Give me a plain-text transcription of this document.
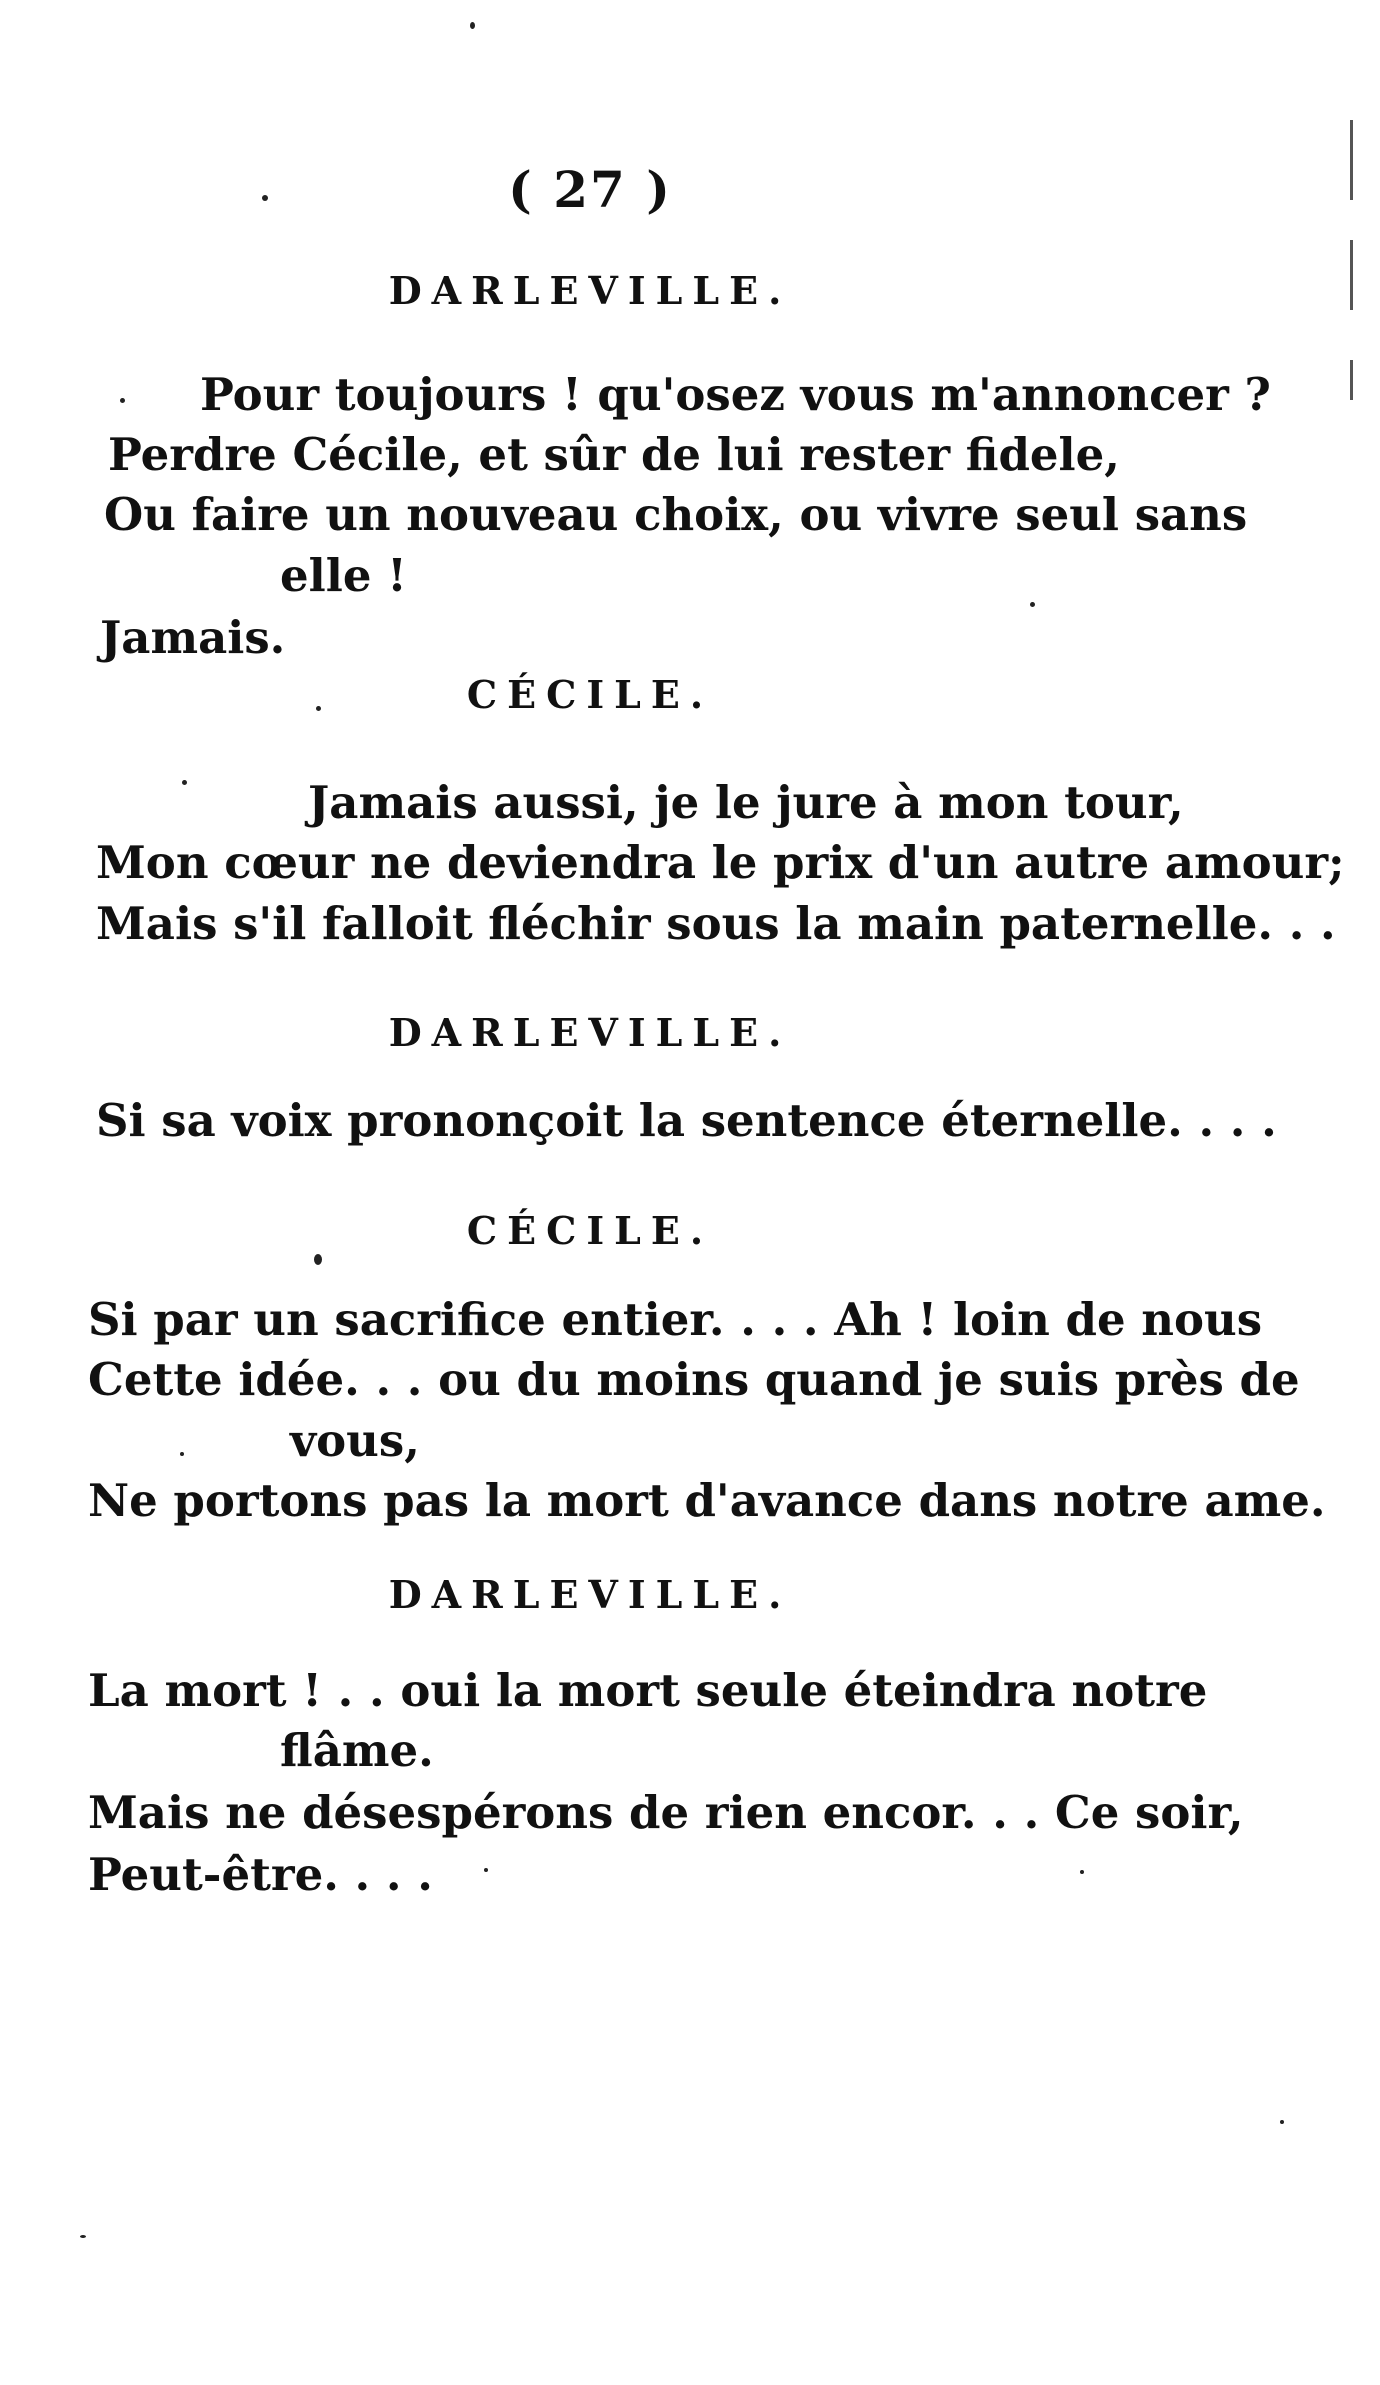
( 27 )
DARLEVILLE.
Pour toujours ! qu'osez vous m'annoncer ?
Perdre Cécile, et sûr de lui rester fidele,
Ou faire un nouveau choix, ou vivre seul sans
elle !
Jamais.
CÉCILE.
Jamais aussi, je le jure à mon tour,
Mon cœur ne deviendra le prix d'un autre amour;
Mais s'il falloit fléchir sous la main paternelle. . .
DARLEVILLE.
Si sa voix prononçoit la sentence éternelle. . . .
CÉCILE.
Si par un sacrifice entier. . . . Ah ! loin de nous
Cette idée. . . ou du moins quand je suis près de
vous,
Ne portons pas la mort d'avance dans notre ame.
DARLEVILLE.
La mort ! . . oui la mort seule éteindra notre
flâme.
Mais ne désespérons de rien encor. . . Ce soir,
Peut-être. . . .
